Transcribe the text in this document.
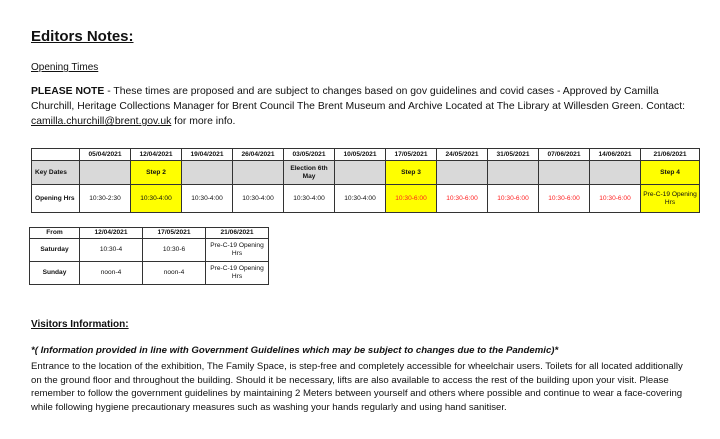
Editors Notes:
Opening Times
PLEASE NOTE - These times are proposed and are subject to changes based on gov guidelines and covid cases - Approved by Camilla Churchill, Heritage Collections Manager for Brent Council The Brent Museum and Archive Located at The Library at Willesden Green. Contact: camilla.churchill@brent.gov.uk for more info.
	05/04/2021	12/04/2021	19/04/2021	26/04/2021	03/05/2021	10/05/2021	17/05/2021	24/05/2021	31/05/2021	07/06/2021	14/06/2021	21/06/2021
Key Dates		Step 2			Election 6th May		Step 3					Step 4
Opening Hrs	10:30-2:30	10:30-4:00	10:30-4:00	10:30-4:00	10:30-4:00	10:30-4:00	10:30-6:00	10:30-6:00	10:30-6:00	10:30-6:00	10:30-6:00	Pre-C-19 Opening Hrs
From	12/04/2021	17/05/2021	21/06/2021
Saturday	10:30-4	10:30-6	Pre-C-19 Opening Hrs
Sunday	noon-4	noon-4	Pre-C-19 Opening Hrs
Visitors Information:
*( Information provided in line with Government Guidelines which may be subject to changes due to the Pandemic)*
Entrance to the location of the exhibition, The Family Space, is step-free and completely accessible for wheelchair users. Toilets for all located additionally on the ground floor and throughout the building. Should it be necessary, lifts are also available to access the rest of the building upon your visit. Please remember to follow the government guidelines by maintaining 2 Meters between yourself and others where possible and continue to wear a face-covering while following hygiene precautionary measures such as washing your hands regularly and using hand sanitiser.
